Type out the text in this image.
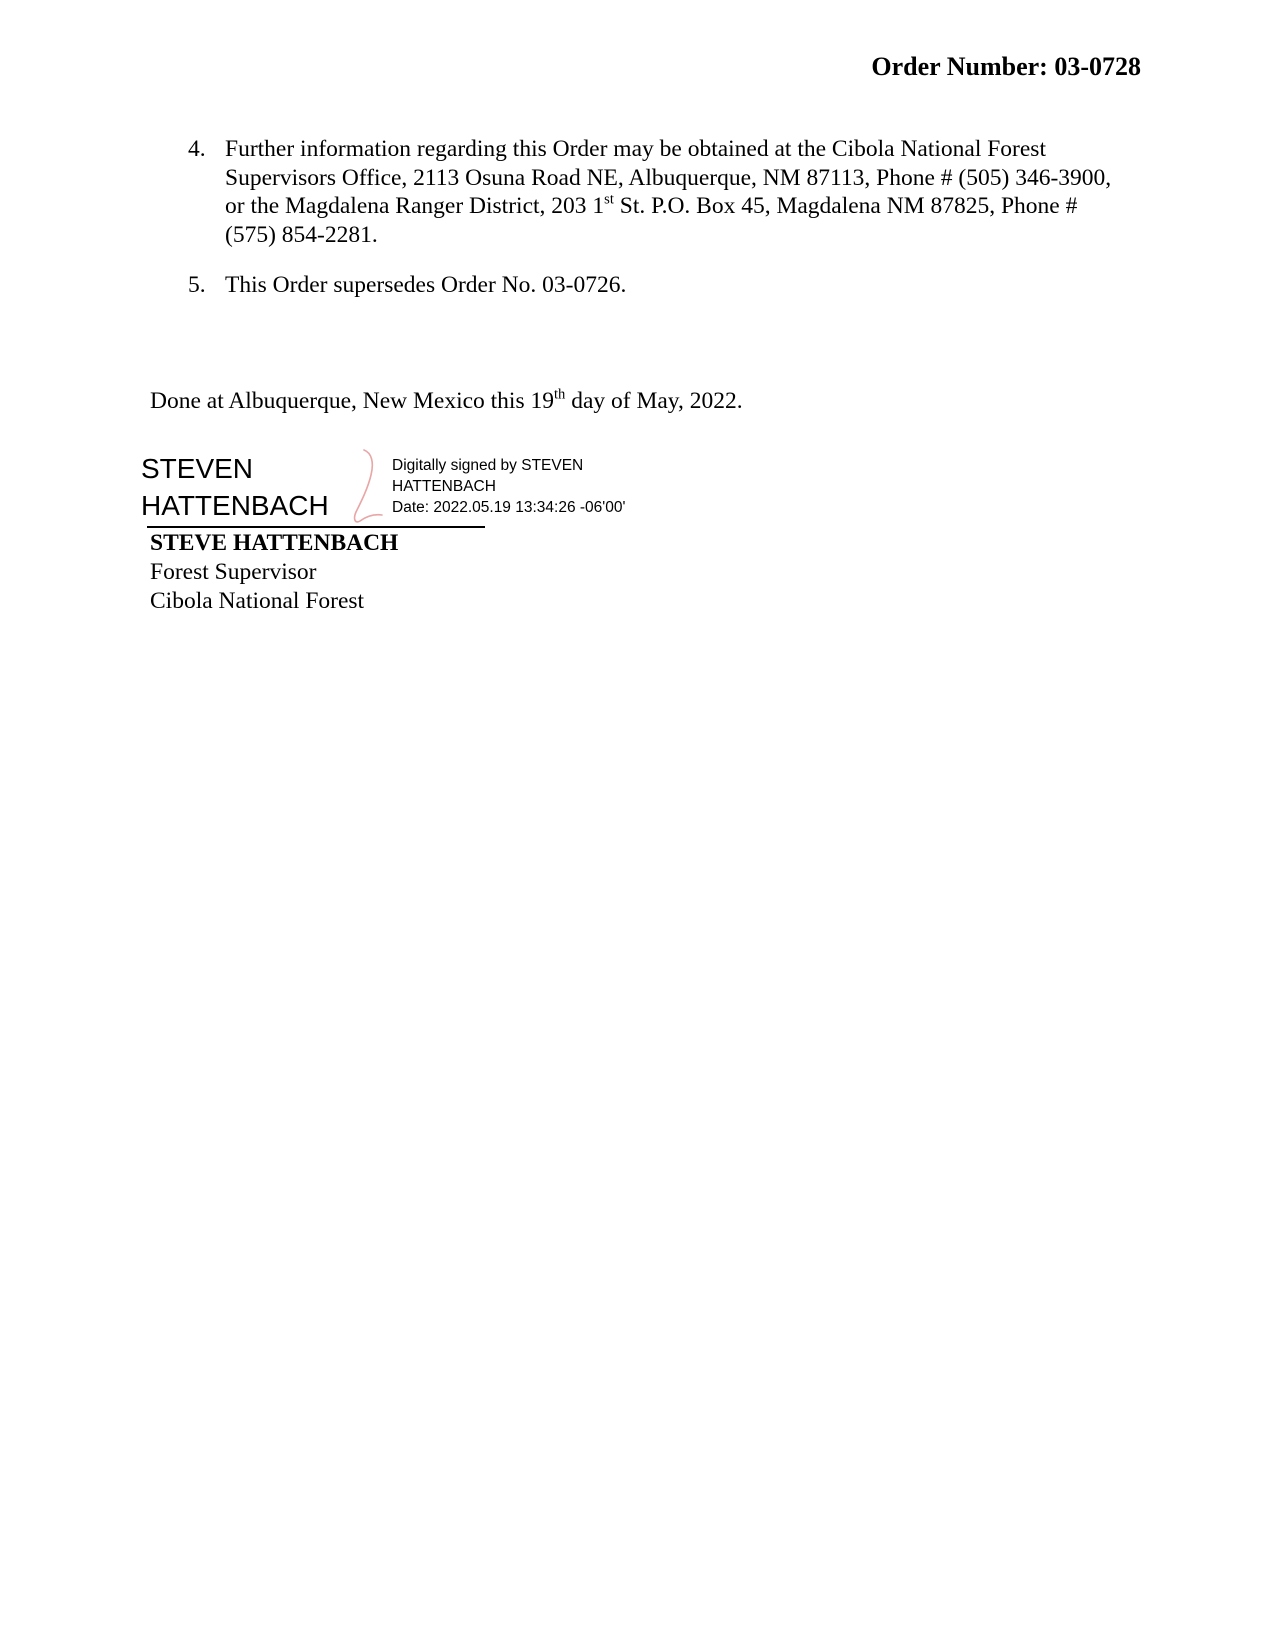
Order Number: 03-0728
4. Further information regarding this Order may be obtained at the Cibola National Forest Supervisors Office, 2113 Osuna Road NE, Albuquerque, NM 87113, Phone # (505) 346-3900, or the Magdalena Ranger District, 203 1st St. P.O. Box 45, Magdalena NM 87825, Phone # (575) 854-2281.
5. This Order supersedes Order No. 03-0726.
Done at Albuquerque, New Mexico this 19th day of May, 2022.
STEVEN
HATTENBACH
Digitally signed by STEVEN
HATTENBACH
Date: 2022.05.19 13:34:26 -06'00'
STEVE HATTENBACH
Forest Supervisor
Cibola National Forest
